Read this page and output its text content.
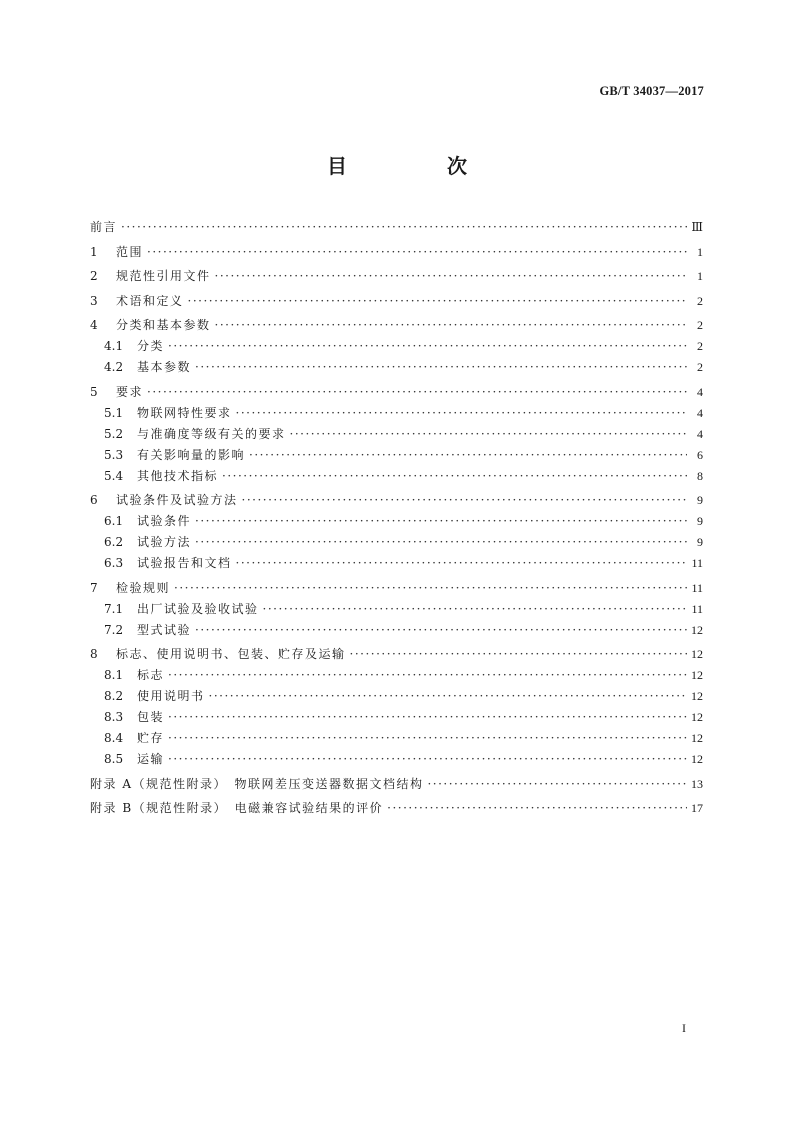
GB/T 34037—2017
目　次
前言 ·····	Ⅲ
1	范围 ·····	1
2	规范性引用文件 ·····	1
3	术语和定义 ·····	2
4	分类和基本参数 ·····	2
4.1	分类 ·····	2
4.2	基本参数 ·····	2
5	要求 ·····	4
5.1	物联网特性要求 ·····	4
5.2	与准确度等级有关的要求 ·····	4
5.3	有关影响量的影响 ·····	6
5.4	其他技术指标 ·····	8
6	试验条件及试验方法 ·····	9
6.1	试验条件 ·····	9
6.2	试验方法 ·····	9
6.3	试验报告和文档 ·····	11
7	检验规则 ·····	11
7.1	出厂试验及验收试验 ·····	11
7.2	型式试验 ·····	12
8	标志、使用说明书、包装、贮存及运输 ·····	12
8.1	标志 ·····	12
8.2	使用说明书 ·····	12
8.3	包装 ·····	12
8.4	贮存 ·····	12
8.5	运输 ·····	12
附录 A（规范性附录）　物联网差压变送器数据文档结构 ·····	13
附录 B（规范性附录）　电磁兼容试验结果的评价 ·····	17
I
